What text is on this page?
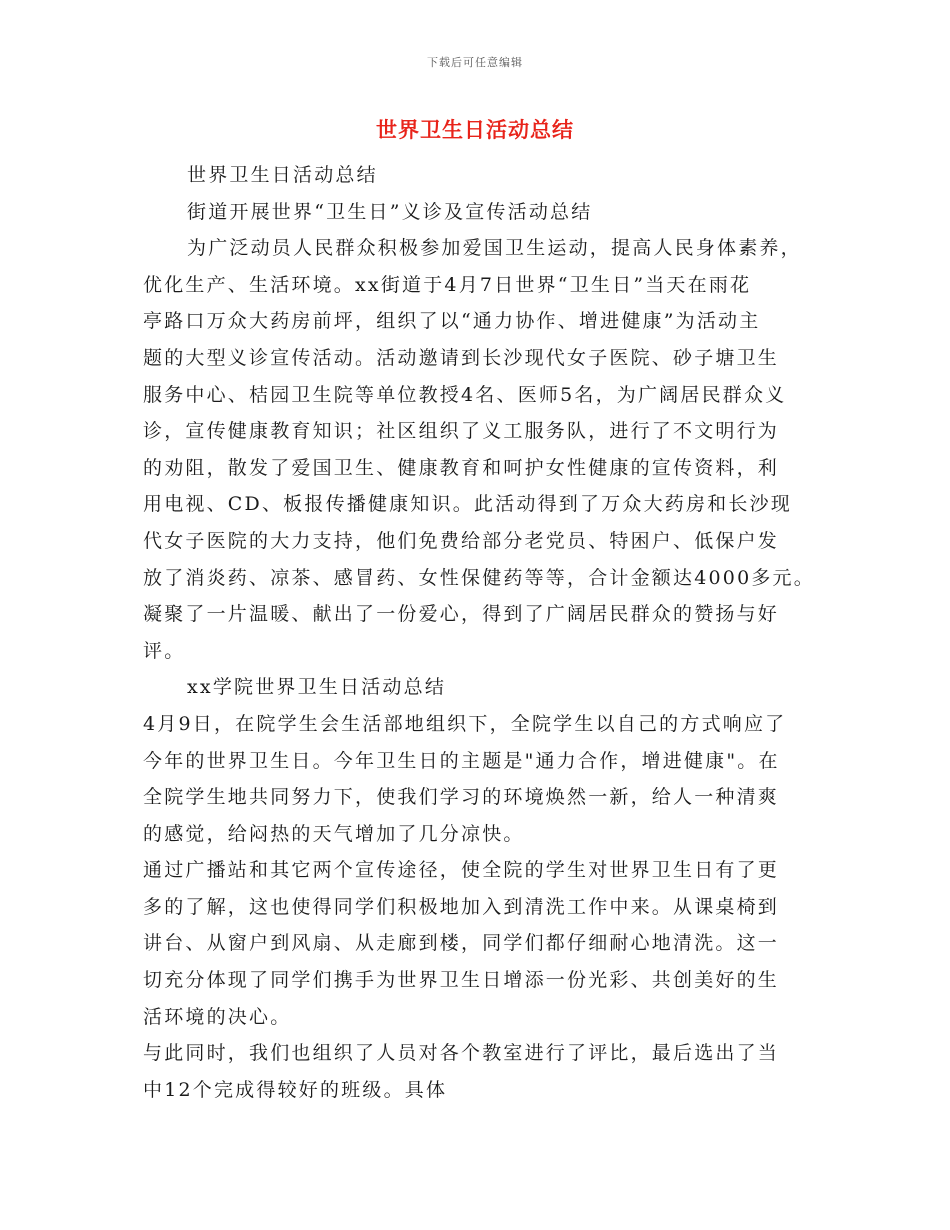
下载后可任意编辑
世界卫生日活动总结
世界卫生日活动总结
街道开展世界“卫生日”义诊及宣传活动总结
为广泛动员人民群众积极参加爱国卫生运动，提高人民身体素养，
优化生产、生活环境。xx街道于4月7日世界“卫生日”当天在雨花
亭路口万众大药房前坪，组织了以“通力协作、增进健康”为活动主
题的大型义诊宣传活动。活动邀请到长沙现代女子医院、砂子塘卫生
服务中心、桔园卫生院等单位教授4名、医师5名，为广阔居民群众义
诊，宣传健康教育知识；社区组织了义工服务队，进行了不文明行为
的劝阻，散发了爱国卫生、健康教育和呵护女性健康的宣传资料，利
用电视、CD、板报传播健康知识。此活动得到了万众大药房和长沙现
代女子医院的大力支持，他们免费给部分老党员、特困户、低保户发
放了消炎药、凉茶、感冒药、女性保健药等等，合计金额达4000多元。
凝聚了一片温暖、献出了一份爱心，得到了广阔居民群众的赞扬与好
评。
xx学院世界卫生日活动总结
4月9日，在院学生会生活部地组织下，全院学生以自己的方式响应了
今年的世界卫生日。今年卫生日的主题是"通力合作，增进健康"。在
全院学生地共同努力下，使我们学习的环境焕然一新，给人一种清爽
的感觉，给闷热的天气增加了几分凉快。
通过广播站和其它两个宣传途径，使全院的学生对世界卫生日有了更
多的了解，这也使得同学们积极地加入到清洗工作中来。从课桌椅到
讲台、从窗户到风扇、从走廊到楼，同学们都仔细耐心地清洗。这一
切充分体现了同学们携手为世界卫生日增添一份光彩、共创美好的生
活环境的决心。
与此同时，我们也组织了人员对各个教室进行了评比，最后选出了当
中12个完成得较好的班级。具体
